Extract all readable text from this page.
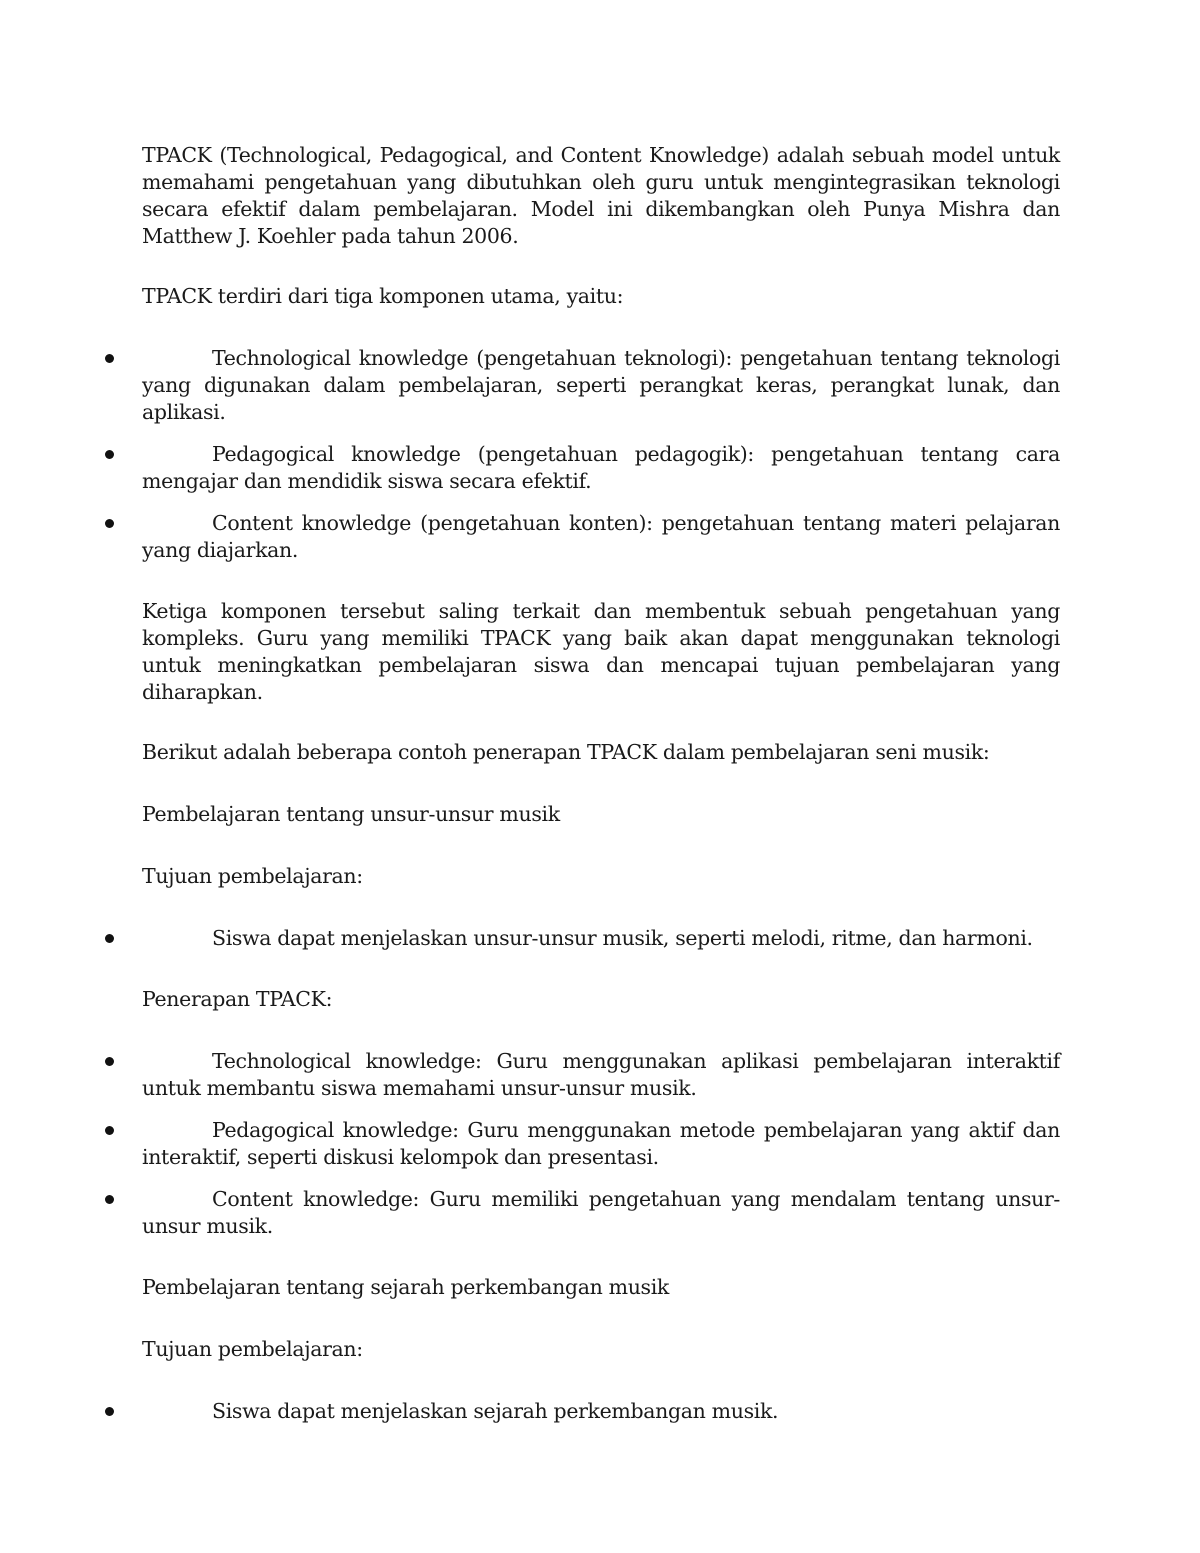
TPACK (Technological, Pedagogical, and Content Knowledge) adalah sebuah model untuk memahami pengetahuan yang dibutuhkan oleh guru untuk mengintegrasikan teknologi secara efektif dalam pembelajaran. Model ini dikembangkan oleh Punya Mishra dan Matthew J. Koehler pada tahun 2006.

TPACK terdiri dari tiga komponen utama, yaitu:

Technological knowledge (pengetahuan teknologi): pengetahuan tentang teknologi yang digunakan dalam pembelajaran, seperti perangkat keras, perangkat lunak, dan aplikasi.
Pedagogical knowledge (pengetahuan pedagogik): pengetahuan tentang cara mengajar dan mendidik siswa secara efektif.
Content knowledge (pengetahuan konten): pengetahuan tentang materi pelajaran yang diajarkan.

Ketiga komponen tersebut saling terkait dan membentuk sebuah pengetahuan yang kompleks. Guru yang memiliki TPACK yang baik akan dapat menggunakan teknologi untuk meningkatkan pembelajaran siswa dan mencapai tujuan pembelajaran yang diharapkan.

Berikut adalah beberapa contoh penerapan TPACK dalam pembelajaran seni musik:

Pembelajaran tentang unsur-unsur musik

Tujuan pembelajaran:

Siswa dapat menjelaskan unsur-unsur musik, seperti melodi, ritme, dan harmoni.

Penerapan TPACK:

Technological knowledge: Guru menggunakan aplikasi pembelajaran interaktif untuk membantu siswa memahami unsur-unsur musik.
Pedagogical knowledge: Guru menggunakan metode pembelajaran yang aktif dan interaktif, seperti diskusi kelompok dan presentasi.
Content knowledge: Guru memiliki pengetahuan yang mendalam tentang unsur-unsur musik.

Pembelajaran tentang sejarah perkembangan musik

Tujuan pembelajaran:

Siswa dapat menjelaskan sejarah perkembangan musik.
